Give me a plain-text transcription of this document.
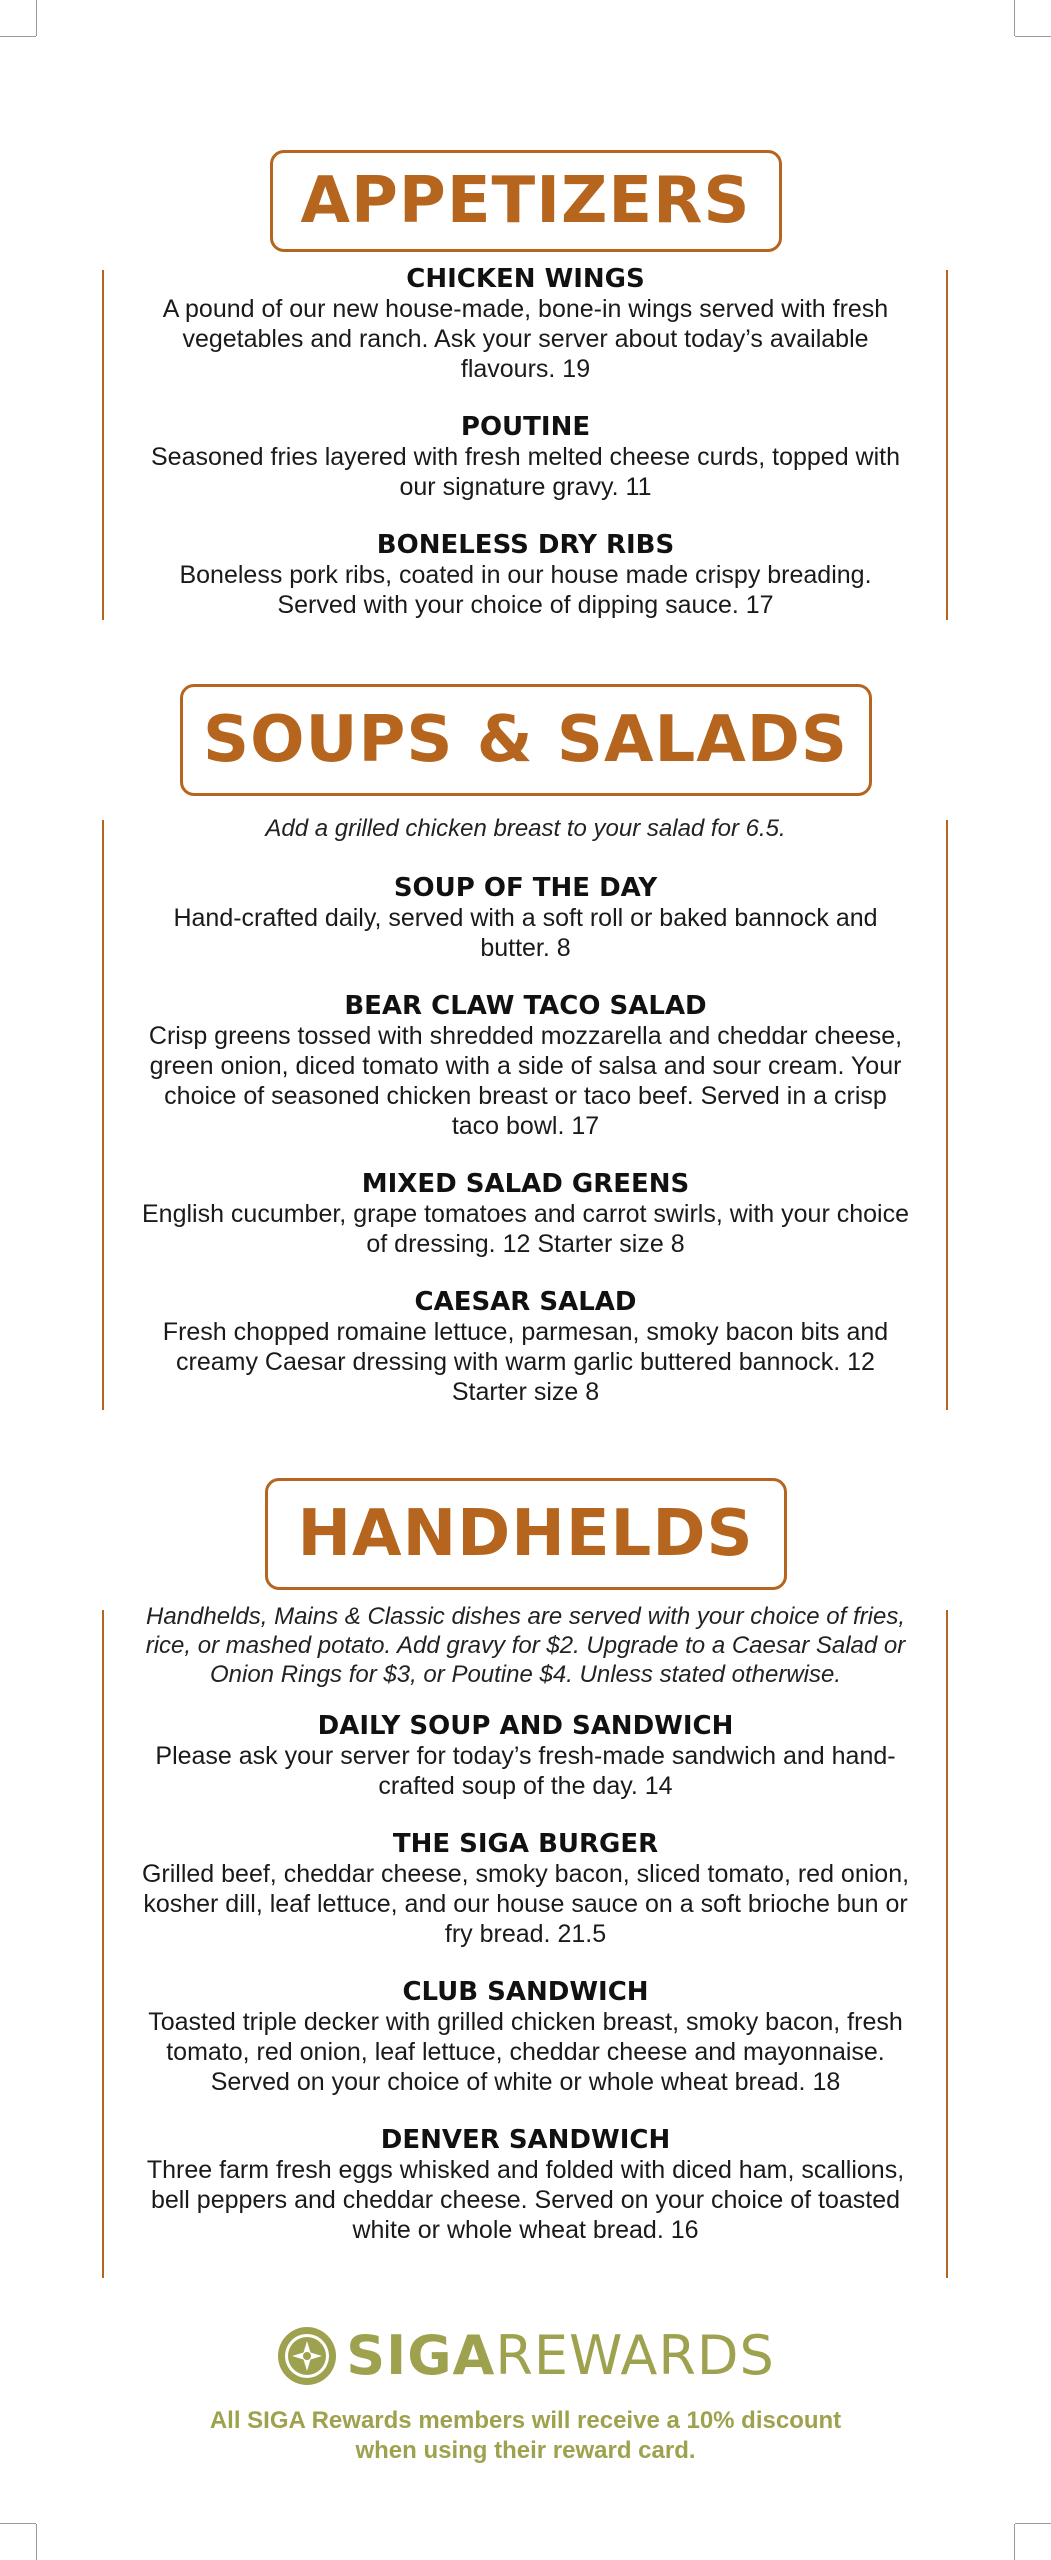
APPETIZERS

CHICKEN WINGS

A pound of our new house-made, bone-in wings served with fresh vegetables and ranch. Ask your server about today’s available flavours. 19

POUTINE

Seasoned fries layered with fresh melted cheese curds, topped with our signature gravy. 11

BONELESS DRY RIBS

Boneless pork ribs, coated in our house made crispy breading. Served with your choice of dipping sauce. 17

SOUPS & SALADS

Add a grilled chicken breast to your salad for 6.5.

SOUP OF THE DAY

Hand-crafted daily, served with a soft roll or baked bannock and butter. 8

BEAR CLAW TACO SALAD

Crisp greens tossed with shredded mozzarella and cheddar cheese, green onion, diced tomato with a side of salsa and sour cream. Your choice of seasoned chicken breast or taco beef. Served in a crisp taco bowl. 17

MIXED SALAD GREENS

English cucumber, grape tomatoes and carrot swirls, with your choice of dressing. 12 Starter size 8

CAESAR SALAD

Fresh chopped romaine lettuce, parmesan, smoky bacon bits and creamy Caesar dressing with warm garlic buttered bannock. 12 Starter size 8

HANDHELDS

Handhelds, Mains & Classic dishes are served with your choice of fries, rice, or mashed potato. Add gravy for $2. Upgrade to a Caesar Salad or Onion Rings for $3, or Poutine $4. Unless stated otherwise.

DAILY SOUP AND SANDWICH

Please ask your server for today’s fresh-made sandwich and hand-crafted soup of the day. 14

THE SIGA BURGER

Grilled beef, cheddar cheese, smoky bacon, sliced tomato, red onion, kosher dill, leaf lettuce, and our house sauce on a soft brioche bun or fry bread. 21.5

CLUB SANDWICH

Toasted triple decker with grilled chicken breast, smoky bacon, fresh tomato, red onion, leaf lettuce, cheddar cheese and mayonnaise. Served on your choice of white or whole wheat bread. 18

DENVER SANDWICH

Three farm fresh eggs whisked and folded with diced ham, scallions, bell peppers and cheddar cheese. Served on your choice of toasted white or whole wheat bread. 16

SIGAREWARDS

All SIGA Rewards members will receive a 10% discount when using their reward card.
